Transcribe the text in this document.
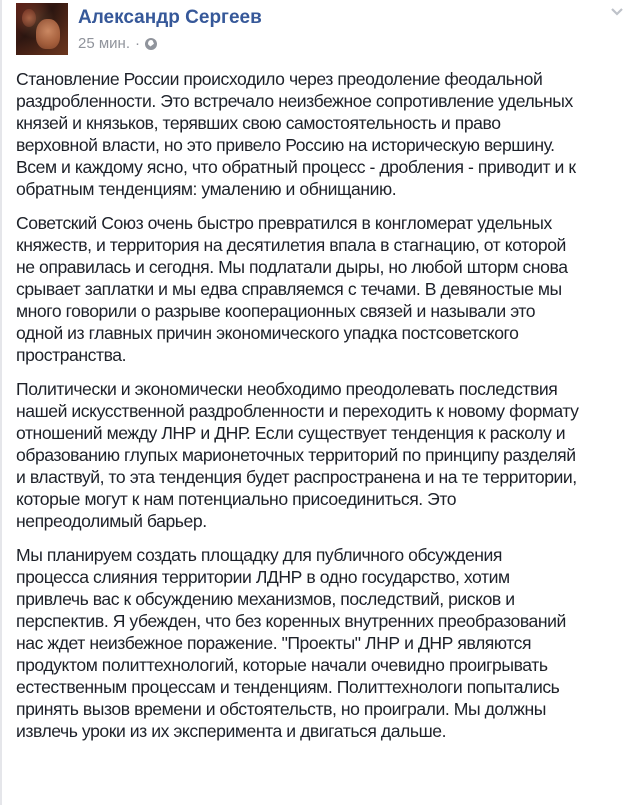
Александр Сергеев
25 мин. ·

Становление России происходило через преодоление феодальной
раздробленности. Это встречало неизбежное сопротивление удельных
князей и князьков, терявших свою самостоятельность и право
верховной власти, но это привело Россию на историческую вершину.
Всем и каждому ясно, что обратный процесс - дробления - приводит и к
обратным тенденциям: умалению и обнищанию.

Советский Союз очень быстро превратился в конгломерат удельных
княжеств, и территория на десятилетия впала в стагнацию, от которой
не оправилась и сегодня. Мы подлатали дыры, но любой шторм снова
срывает заплатки и мы едва справляемся с течами. В девяностые мы
много говорили о разрыве кооперационных связей и называли это
одной из главных причин экономического упадка постсоветского
пространства.

Политически и экономически необходимо преодолевать последствия
нашей искусственной раздробленности и переходить к новому формату
отношений между ЛНР и ДНР. Если существует тенденция к расколу и
образованию глупых марионеточных территорий по принципу разделяй
и властвуй, то эта тенденция будет распространена и на те территории,
которые могут к нам потенциально присоединиться. Это
непреодолимый барьер.

Мы планируем создать площадку для публичного обсуждения
процесса слияния территории ЛДНР в одно государство, хотим
привлечь вас к обсуждению механизмов, последствий, рисков и
перспектив. Я убежден, что без коренных внутренних преобразований
нас ждет неизбежное поражение. "Проекты" ЛНР и ДНР являются
продуктом политтехнологий, которые начали очевидно проигрывать
естественным процессам и тенденциям. Политтехнологи попытались
принять вызов времени и обстоятельств, но проиграли. Мы должны
извлечь уроки из их эксперимента и двигаться дальше.
